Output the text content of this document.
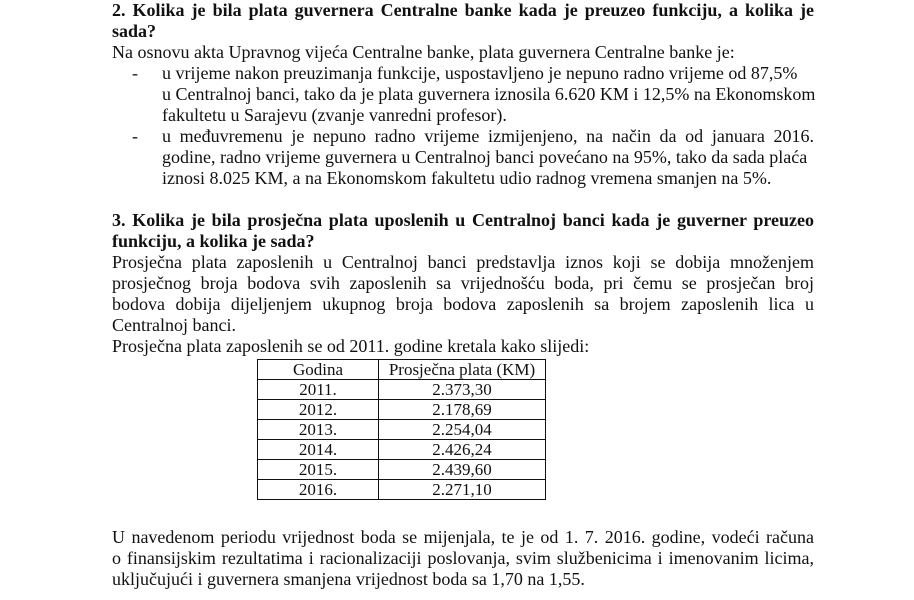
2. Kolika je bila plata guvernera Centralne banke kada je preuzeo funkciju, a kolika je
sada?
Na osnovu akta Upravnog vijeća Centralne banke, plata guvernera Centralne banke je:
- u vrijeme nakon preuzimanja funkcije, uspostavljeno je nepuno radno vrijeme od 87,5%
u Centralnoj banci, tako da je plata guvernera iznosila 6.620 KM i 12,5% na Ekonomskom
fakultetu u Sarajevu (zvanje vanredni profesor).
- u međuvremenu je nepuno radno vrijeme izmijenjeno, na način da od januara 2016.
godine, radno vrijeme guvernera u Centralnoj banci povećano na 95%, tako da sada plaća
iznosi 8.025 KM, a na Ekonomskom fakultetu udio radnog vremena smanjen na 5%.
3. Kolika je bila prosječna plata uposlenih u Centralnoj banci kada je guverner preuzeo
funkciju, a kolika je sada?
Prosječna plata zaposlenih u Centralnoj banci predstavlja iznos koji se dobija množenjem
prosječnog broja bodova svih zaposlenih sa vrijednošću boda, pri čemu se prosječan broj
bodova dobija dijeljenjem ukupnog broja bodova zaposlenih sa brojem zaposlenih lica u
Centralnoj banci.
Prosječna plata zaposlenih se od 2011. godine kretala kako slijedi:
Godina	Prosječna plata (KM)
2011.	2.373,30
2012.	2.178,69
2013.	2.254,04
2014.	2.426,24
2015.	2.439,60
2016.	2.271,10
U navedenom periodu vrijednost boda se mijenjala, te je od 1. 7. 2016. godine, vodeći računa
o finansijskim rezultatima i racionalizaciji poslovanja, svim službenicima i imenovanim licima,
uključujući i guvernera smanjena vrijednost boda sa 1,70 na 1,55.
